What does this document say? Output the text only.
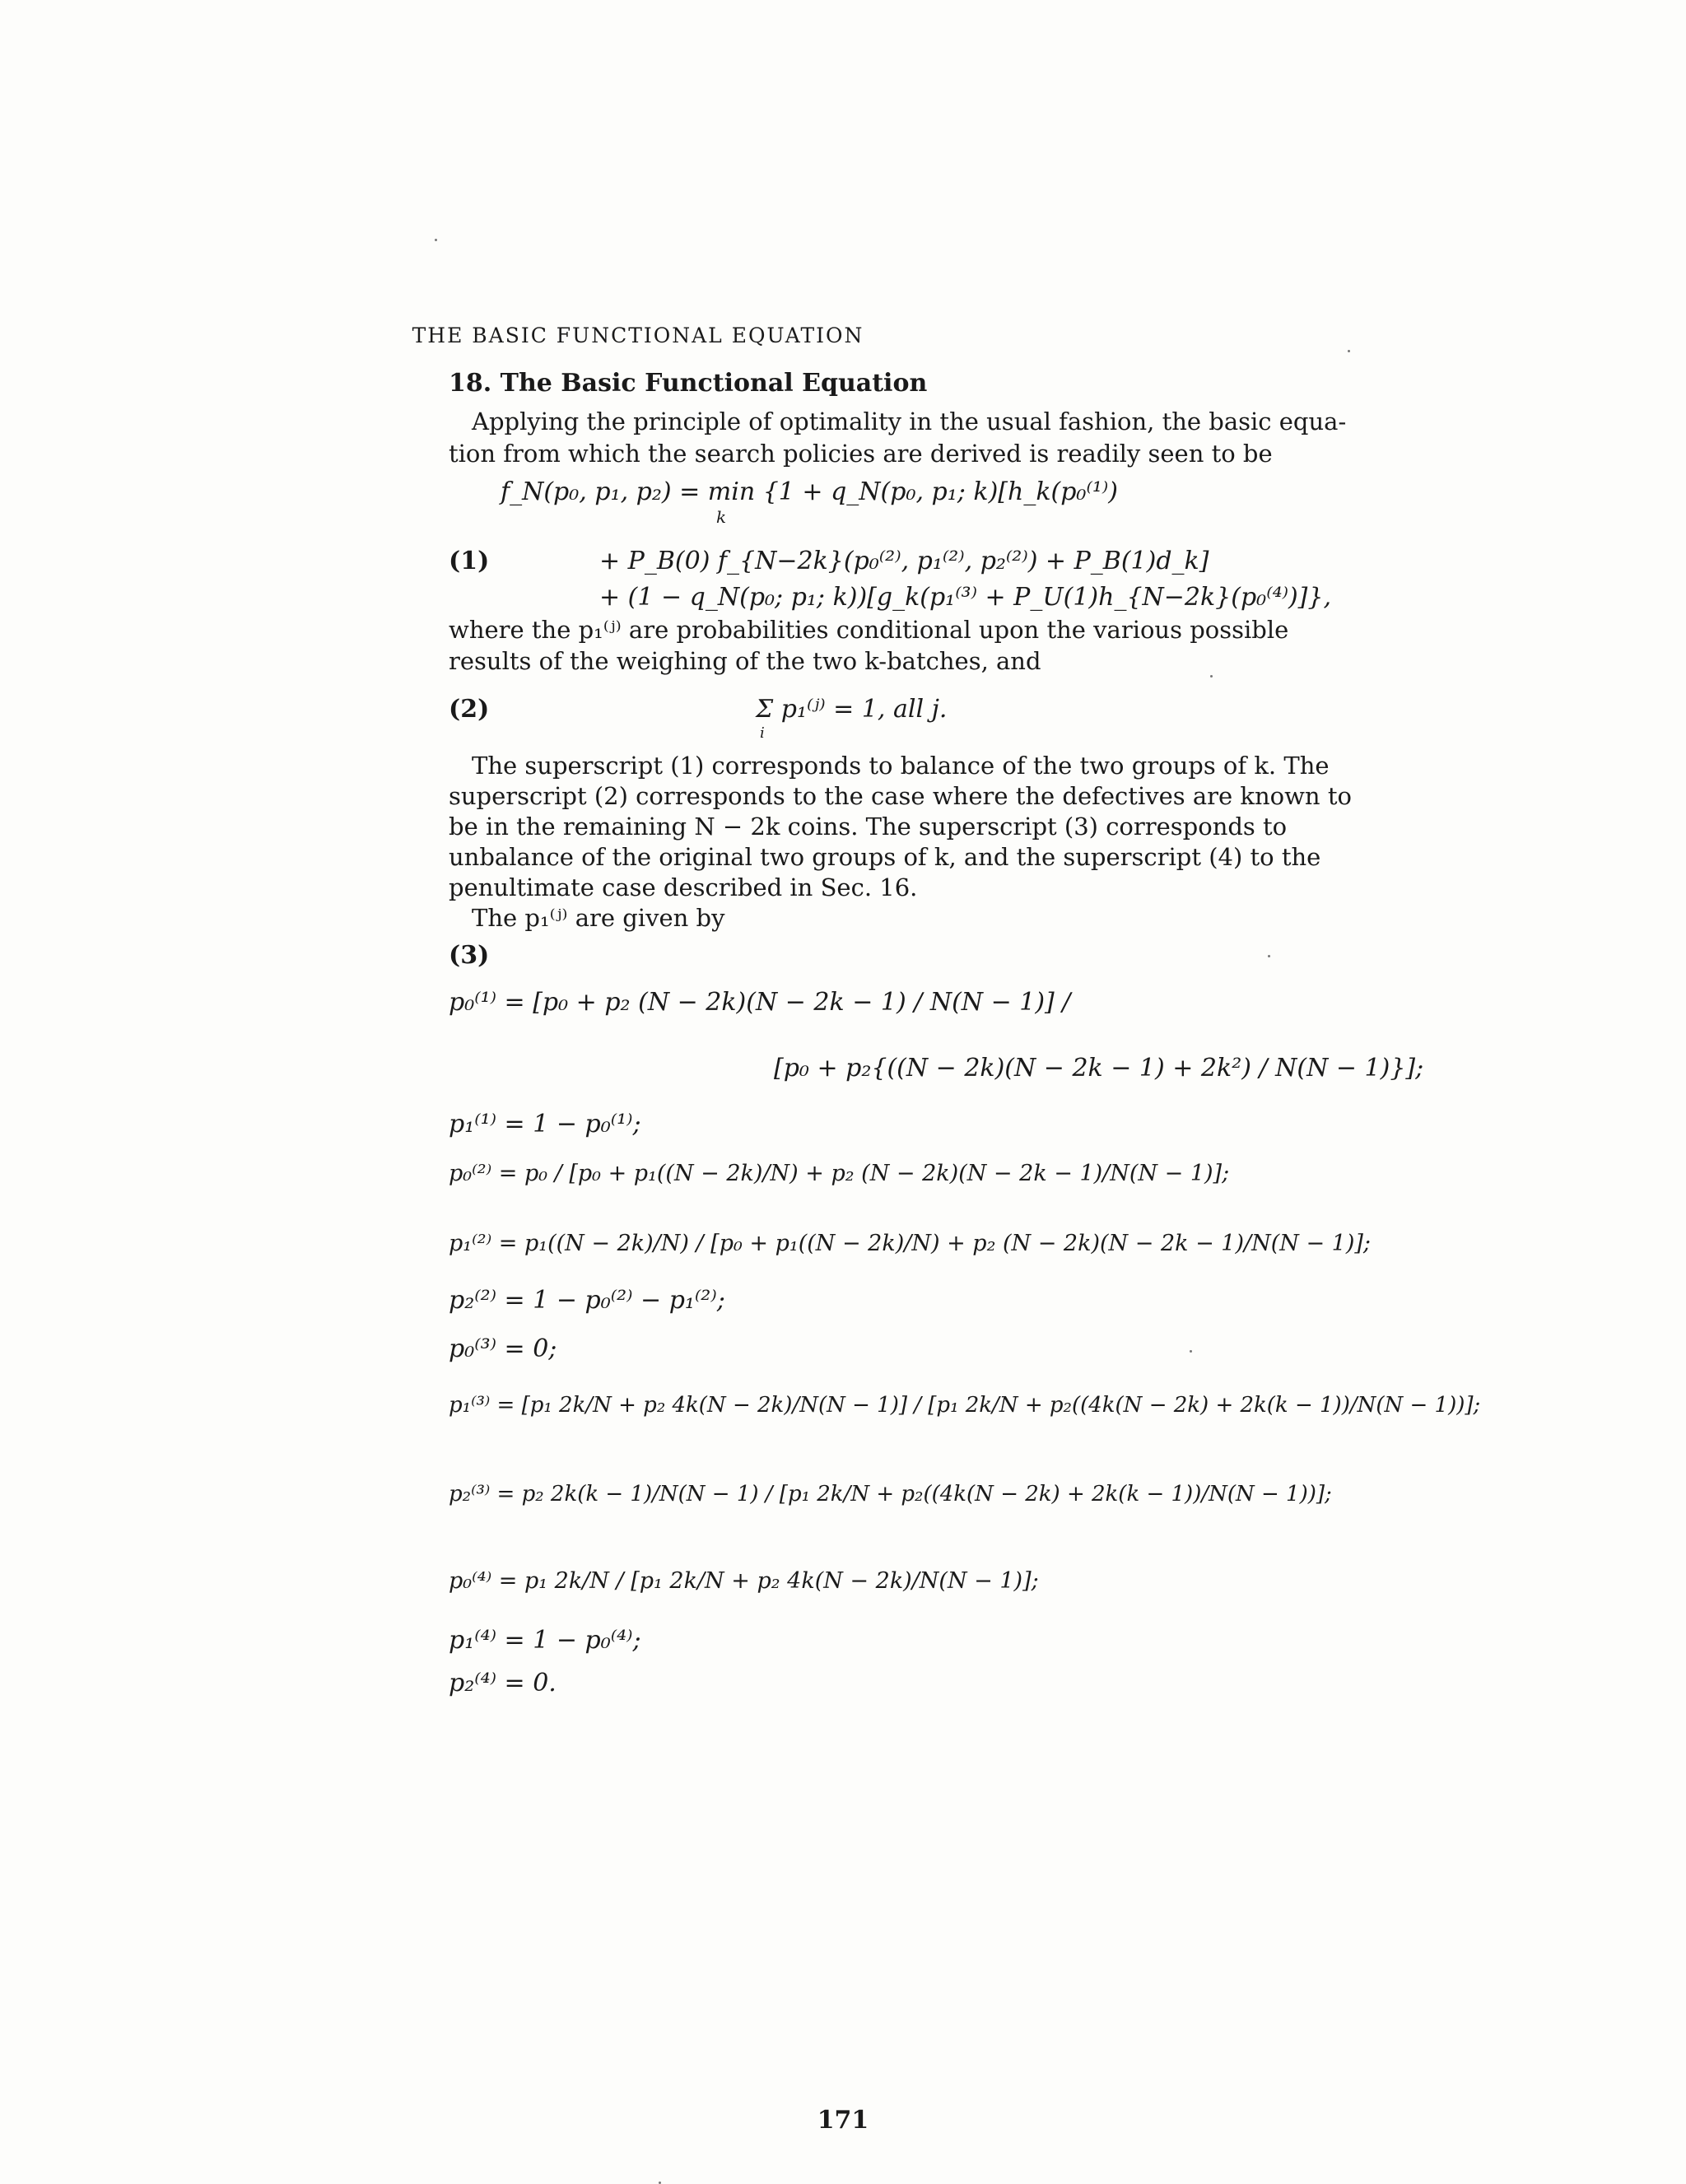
THE BASIC FUNCTIONAL EQUATION
18. The Basic Functional Equation
Applying the principle of optimality in the usual fashion, the basic equa-
tion from which the search policies are derived is readily seen to be
(1)
f_N(p₀, p₁, p₂) = min {1 + q_N(p₀, p₁; k)[h_k(p₀⁽¹⁾)
k
+ P_B(0) f_{N−2k}(p₀⁽²⁾, p₁⁽²⁾, p₂⁽²⁾) + P_B(1)d_k]
+ (1 − q_N(p₀; p₁; k))[g_k(p₁⁽³⁾ + P_U(1)h_{N−2k}(p₀⁽⁴⁾)]},
where the p₁⁽ʲ⁾ are probabilities conditional upon the various possible
results of the weighing of the two k-batches, and
(2)	Σ p₁⁽ʲ⁾ = 1, all j.
i
The superscript (1) corresponds to balance of the two groups of k. The
superscript (2) corresponds to the case where the defectives are known to
be in the remaining N − 2k coins. The superscript (3) corresponds to
unbalance of the original two groups of k, and the superscript (4) to the
penultimate case described in Sec. 16.
The p₁⁽ʲ⁾ are given by
(3)
p₀⁽¹⁾ = [p₀ + p₂ (N − 2k)(N − 2k − 1) / N(N − 1)] /
[p₀ + p₂{((N − 2k)(N − 2k − 1) + 2k²) / N(N − 1)}];
p₁⁽¹⁾ = 1 − p₀⁽¹⁾;
p₀⁽²⁾ = p₀ / [p₀ + p₁((N − 2k)/N) + p₂ (N − 2k)(N − 2k − 1)/N(N − 1)];
p₁⁽²⁾ = p₁((N − 2k)/N) / [p₀ + p₁((N − 2k)/N) + p₂ (N − 2k)(N − 2k − 1)/N(N − 1)];
p₂⁽²⁾ = 1 − p₀⁽²⁾ − p₁⁽²⁾;
p₀⁽³⁾ = 0;
p₁⁽³⁾ = [p₁ 2k/N + p₂ 4k(N − 2k)/N(N − 1)] / [p₁ 2k/N + p₂((4k(N − 2k) + 2k(k − 1))/N(N − 1))];
p₂⁽³⁾ = p₂ 2k(k − 1)/N(N − 1) / [p₁ 2k/N + p₂((4k(N − 2k) + 2k(k − 1))/N(N − 1))];
p₀⁽⁴⁾ = p₁ 2k/N / [p₁ 2k/N + p₂ 4k(N − 2k)/N(N − 1)];
p₁⁽⁴⁾ = 1 − p₀⁽⁴⁾;
p₂⁽⁴⁾ = 0.
171
